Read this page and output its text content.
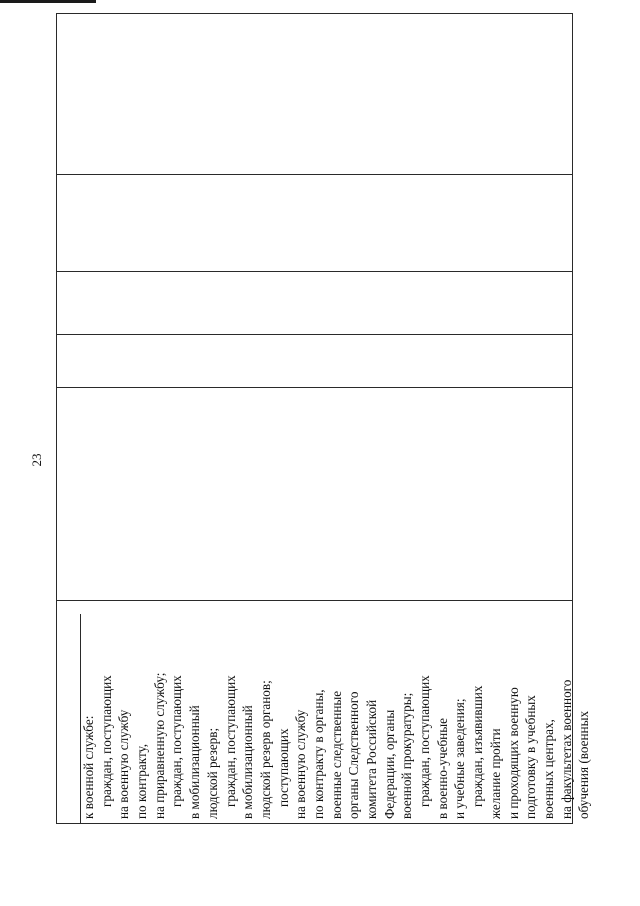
23
к военной службе: граждан, поступающих на военную службу по контракту, на приравненную службу; граждан, поступающих в мобилизационный людской резерв; граждан, поступающих в мобилизационный людской резерв органов; поступающих на военную службу по контракту в органы, военные следственные органы Следственного комитета Российской Федерации, органы военной прокуратуры; граждан, поступающих в военно-учебные и учебные заведения; граждан, изъявивших желание пройти и проходящих военную подготовку в учебных военных центрах, на факультетах военного обучения (военных
